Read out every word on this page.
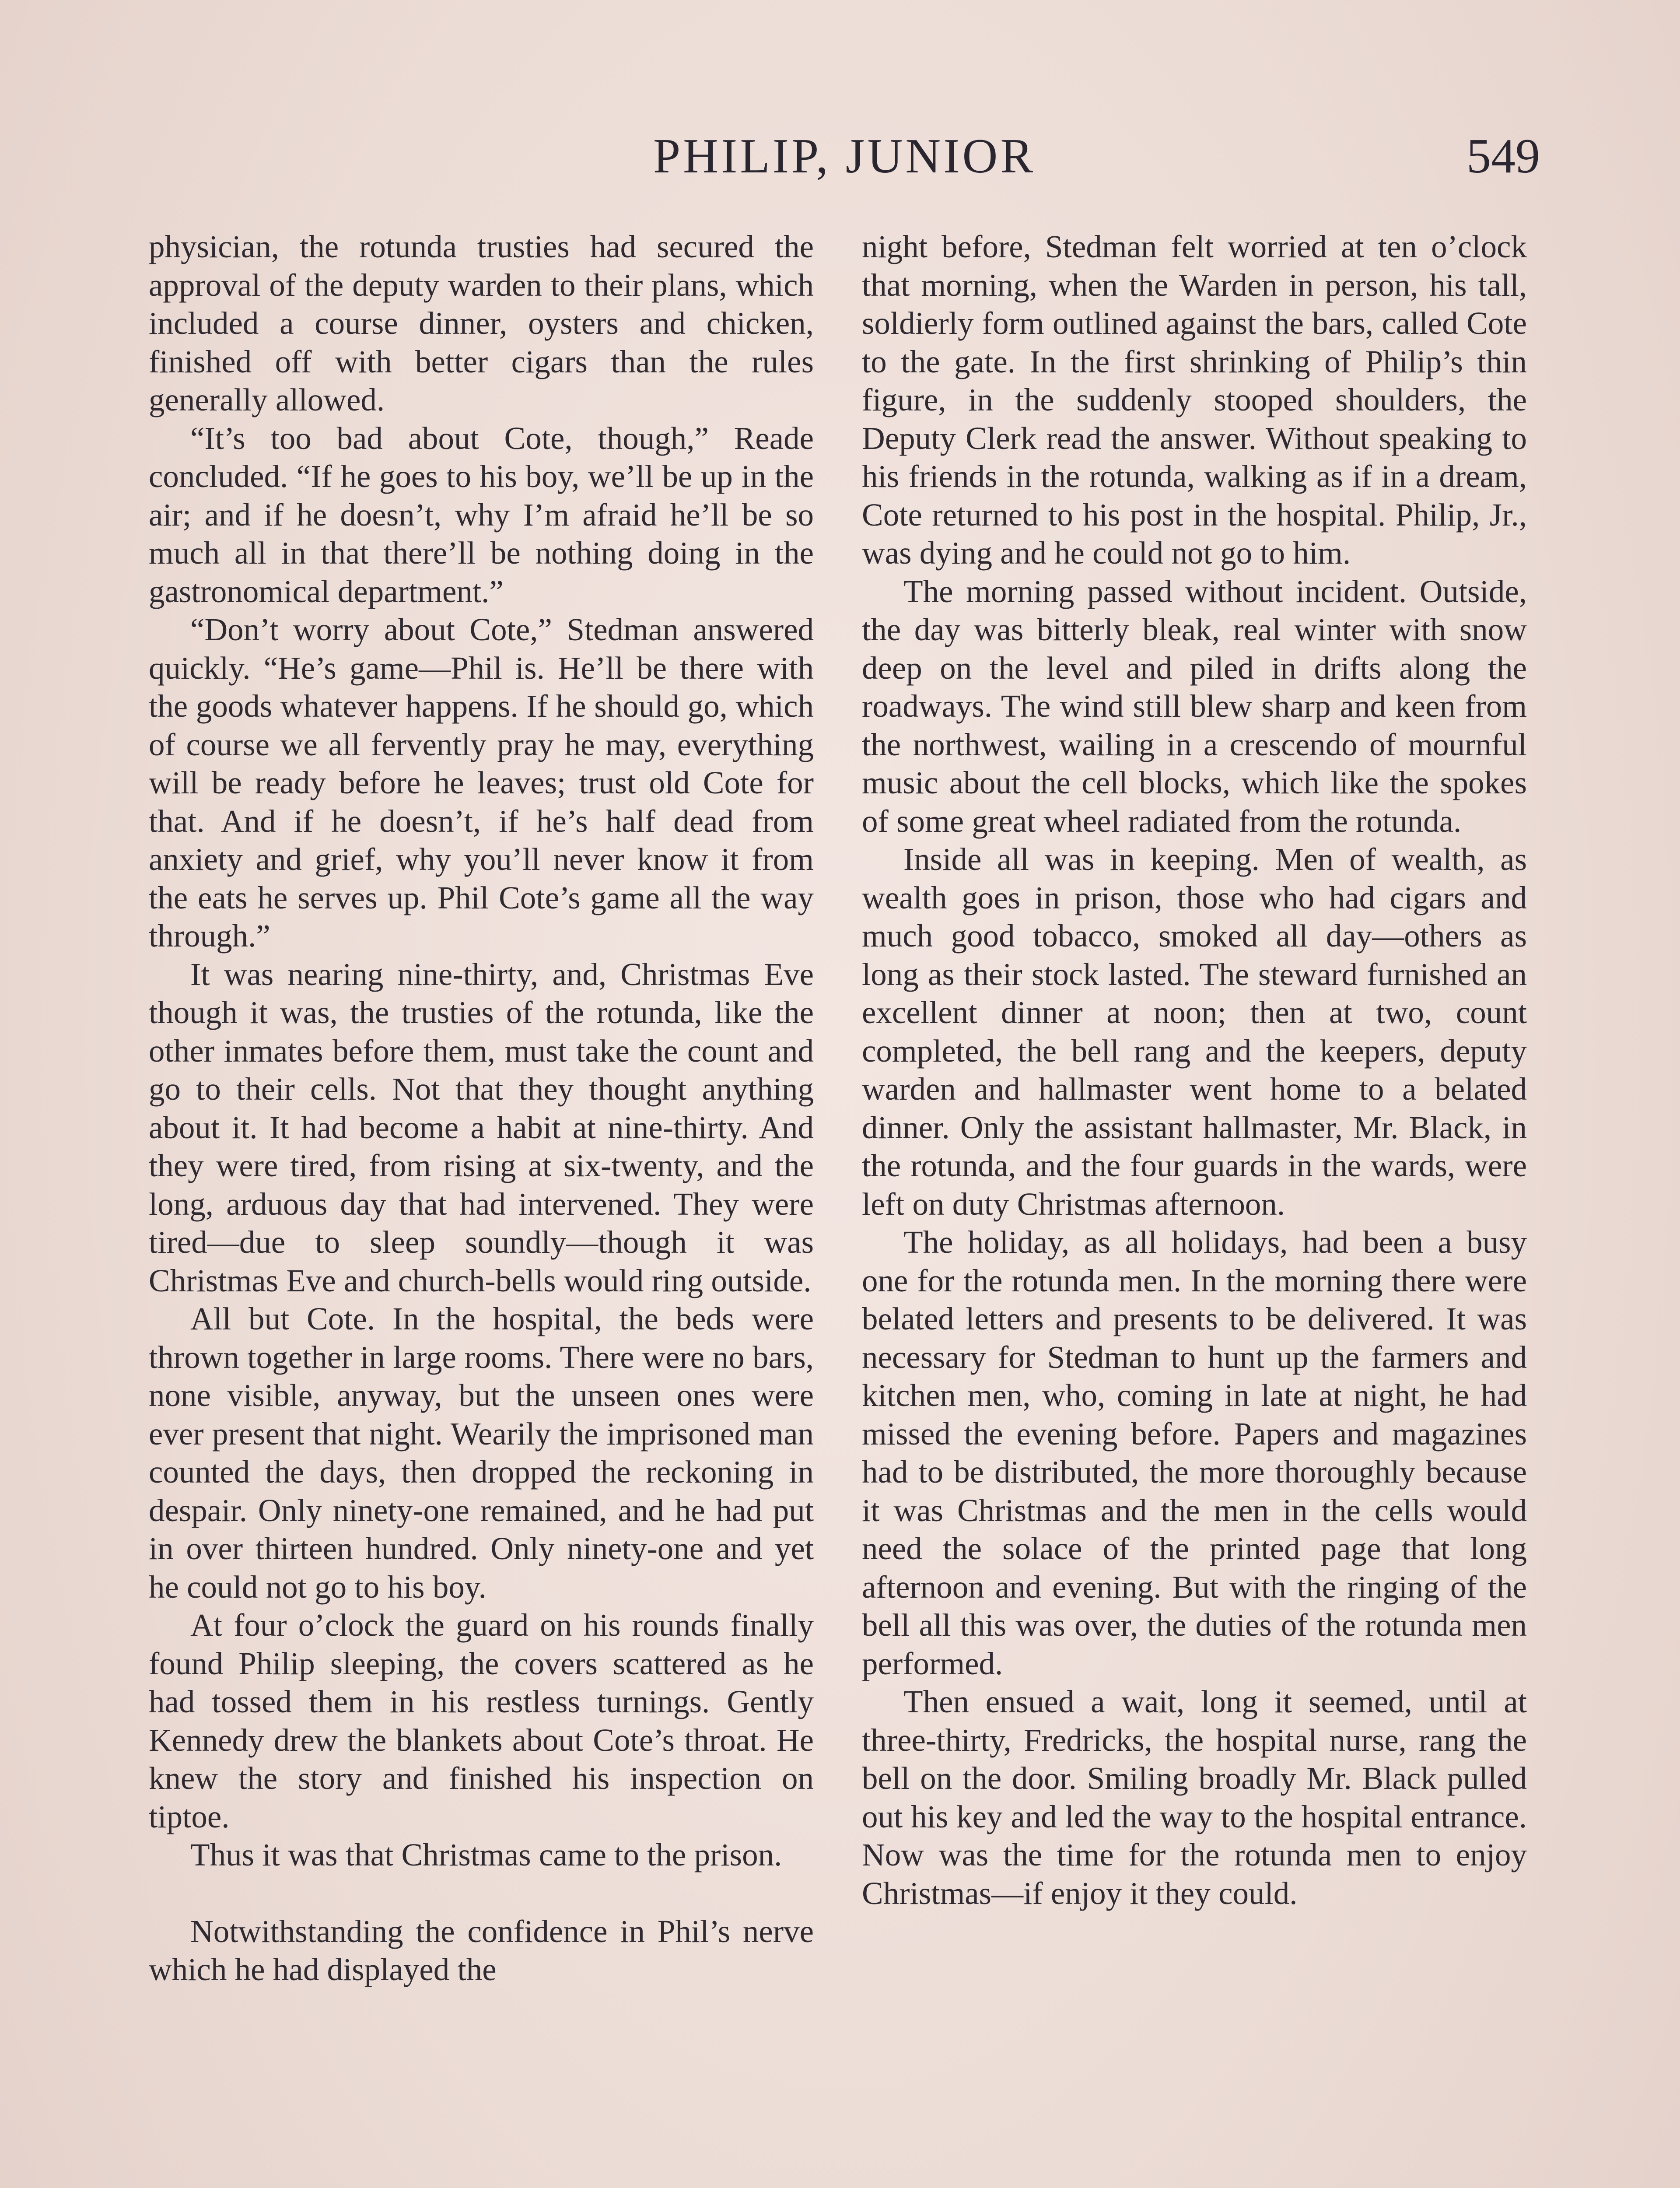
PHILIP, JUNIOR	549

physician, the rotunda trusties had secured the approval of the deputy warden to their plans, which included a course dinner, oysters and chicken, finished off with better cigars than the rules generally allowed.

“It’s too bad about Cote, though,” Reade concluded. “If he goes to his boy, we’ll be up in the air; and if he doesn’t, why I’m afraid he’ll be so much all in that there’ll be nothing doing in the gastronomical department.”

“Don’t worry about Cote,” Stedman answered quickly. “He’s game—Phil is. He’ll be there with the goods whatever happens. If he should go, which of course we all fervently pray he may, everything will be ready before he leaves; trust old Cote for that. And if he doesn’t, if he’s half dead from anxiety and grief, why you’ll never know it from the eats he serves up. Phil Cote’s game all the way through.”

It was nearing nine-thirty, and, Christmas Eve though it was, the trusties of the rotunda, like the other inmates before them, must take the count and go to their cells. Not that they thought anything about it. It had become a habit at nine-thirty. And they were tired, from rising at six-twenty, and the long, arduous day that had intervened. They were tired—due to sleep soundly—though it was Christmas Eve and church-bells would ring outside.

All but Cote. In the hospital, the beds were thrown together in large rooms. There were no bars, none visible, anyway, but the unseen ones were ever present that night. Wearily the imprisoned man counted the days, then dropped the reckoning in despair. Only ninety-one remained, and he had put in over thirteen hundred. Only ninety-one and yet he could not go to his boy.

At four o’clock the guard on his rounds finally found Philip sleeping, the covers scattered as he had tossed them in his restless turnings. Gently Kennedy drew the blankets about Cote’s throat. He knew the story and finished his inspection on tiptoe.

Thus it was that Christmas came to the prison.

Notwithstanding the confidence in Phil’s nerve which he had displayed the

night before, Stedman felt worried at ten o’clock that morning, when the Warden in person, his tall, soldierly form outlined against the bars, called Cote to the gate. In the first shrinking of Philip’s thin figure, in the suddenly stooped shoulders, the Deputy Clerk read the answer. Without speaking to his friends in the rotunda, walking as if in a dream, Cote returned to his post in the hospital. Philip, Jr., was dying and he could not go to him.

The morning passed without incident. Outside, the day was bitterly bleak, real winter with snow deep on the level and piled in drifts along the roadways. The wind still blew sharp and keen from the northwest, wailing in a crescendo of mournful music about the cell blocks, which like the spokes of some great wheel radiated from the rotunda.

Inside all was in keeping. Men of wealth, as wealth goes in prison, those who had cigars and much good tobacco, smoked all day—others as long as their stock lasted. The steward furnished an excellent dinner at noon; then at two, count completed, the bell rang and the keepers, deputy warden and hallmaster went home to a belated dinner. Only the assistant hallmaster, Mr. Black, in the rotunda, and the four guards in the wards, were left on duty Christmas afternoon.

The holiday, as all holidays, had been a busy one for the rotunda men. In the morning there were belated letters and presents to be delivered. It was necessary for Stedman to hunt up the farmers and kitchen men, who, coming in late at night, he had missed the evening before. Papers and magazines had to be distributed, the more thoroughly because it was Christmas and the men in the cells would need the solace of the printed page that long afternoon and evening. But with the ringing of the bell all this was over, the duties of the rotunda men performed.

Then ensued a wait, long it seemed, until at three-thirty, Fredricks, the hospital nurse, rang the bell on the door. Smiling broadly Mr. Black pulled out his key and led the way to the hospital entrance. Now was the time for the rotunda men to enjoy Christmas—if enjoy it they could.
